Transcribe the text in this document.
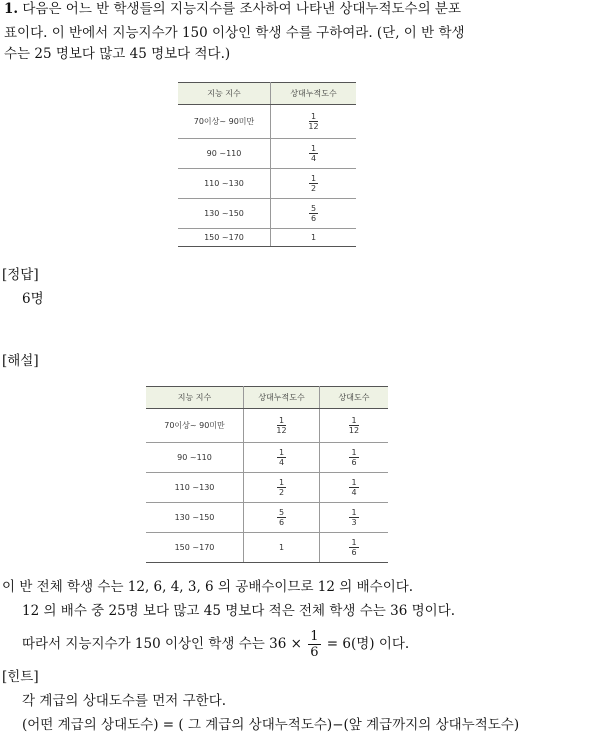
1. 다음은 어느 반 학생들의 지능지수를 조사하여 나타낸 상대누적도수의 분포
표이다. 이 반에서 지능지수가 150 이상인 학생 수를 구하여라. (단, 이 반 학생
수는 25 명보다 많고 45 명보다 적다.)
지능 지수	상대누적도수
70이상~ 90미만	$\frac{1}{12}$

90 ~110	$\frac{1}{4}$

110 ~130	$\frac{1}{2}$

130 ~150	$\frac{5}{6}$

150 ~170	1
[정답]
6명
[해설]
지능 지수	상대누적도수	상대도수
70이상~ 90미만	$\frac{1}{12}$	$\frac{1}{12}$

90 ~110	$\frac{1}{4}$	$\frac{1}{6}$

110 ~130	$\frac{1}{2}$	$\frac{1}{4}$

130 ~150	$\frac{5}{6}$	$\frac{1}{3}$

150 ~170	1	$\frac{1}{6}$
이 반 전체 학생 수는 12, 6, 4, 3, 6 의 공배수이므로 12 의 배수이다.
12 의 배수 중 25명 보다 많고 45 명보다 적은 전체 학생 수는 36 명이다.
따라서 지능지수가 150 이상인 학생 수는 $36 \times \frac{1}{6} = 6$(명) 이다.
[힌트]
각 계급의 상대도수를 먼저 구한다.
(어떤 계급의 상대도수) = ( 그 계급의 상대누적도수)−(앞 계급까지의 상대누적도수)
